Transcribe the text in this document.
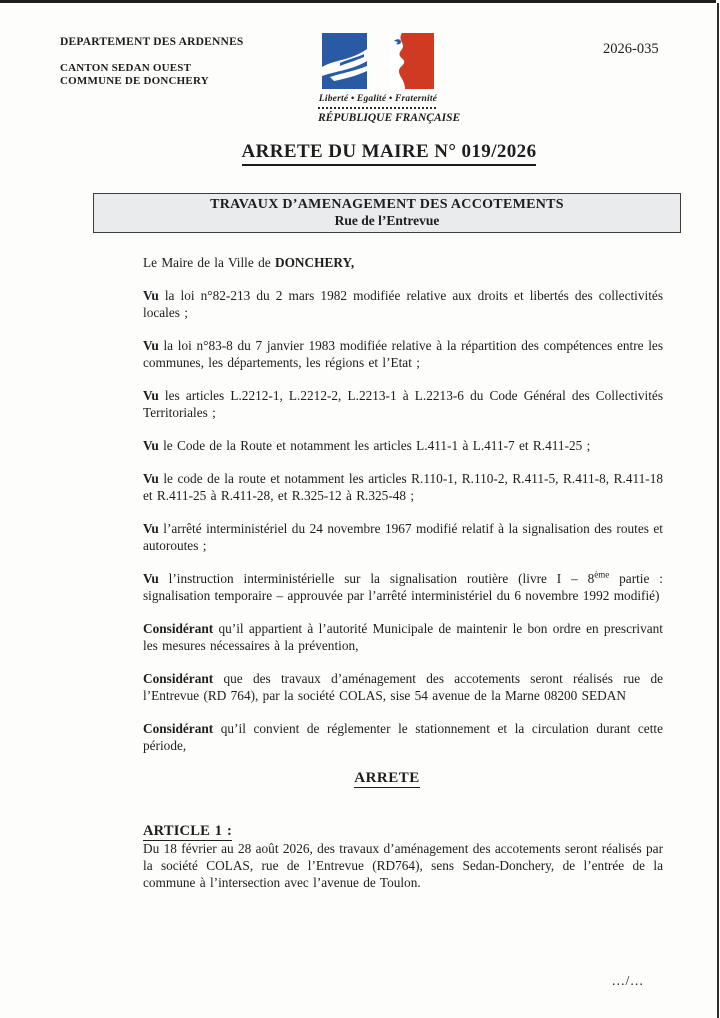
DEPARTEMENT DES ARDENNES
CANTON SEDAN OUEST
COMMUNE DE DONCHERY
2026-035
Liberté • Egalité • Fraternité
RÉPUBLIQUE FRANÇAISE
ARRETE DU MAIRE N° 019/2026
TRAVAUX D’AMENAGEMENT DES ACCOTEMENTS
Rue de l’Entrevue

Le Maire de la Ville de DONCHERY,

Vu la loi n°82-213 du 2 mars 1982 modifiée relative aux droits et libertés des collectivités locales ;

Vu la loi n°83-8 du 7 janvier 1983 modifiée relative à la répartition des compétences entre les communes, les départements, les régions et l’Etat ;

Vu les articles L.2212-1, L.2212-2, L.2213-1 à L.2213-6 du Code Général des Collectivités Territoriales ;

Vu le Code de la Route et notamment les articles L.411-1 à L.411-7 et R.411-25 ;

Vu le code de la route et notamment les articles R.110-1, R.110-2, R.411-5, R.411-8, R.411-18 et R.411-25 à R.411-28, et R.325-12 à R.325-48 ;

Vu l’arrêté interministériel du 24 novembre 1967 modifié relatif à la signalisation des routes et autoroutes ;

Vu l’instruction interministérielle sur la signalisation routière (livre I – 8ème partie : signalisation temporaire – approuvée par l’arrêté interministériel du 6 novembre 1992 modifié)

Considérant qu’il appartient à l’autorité Municipale de maintenir le bon ordre en prescrivant les mesures nécessaires à la prévention,

Considérant que des travaux d’aménagement des accotements seront réalisés rue de l’Entrevue (RD 764), par la société COLAS, sise 54 avenue de la Marne 08200 SEDAN

Considérant qu’il convient de réglementer le stationnement et la circulation durant cette période,

ARRETE

ARTICLE 1 :

Du 18 février au 28 août 2026, des travaux d’aménagement des accotements seront réalisés par la société COLAS, rue de l’Entrevue (RD764), sens Sedan-Donchery, de l’entrée de la commune à l’intersection avec l’avenue de Toulon.

.../...
